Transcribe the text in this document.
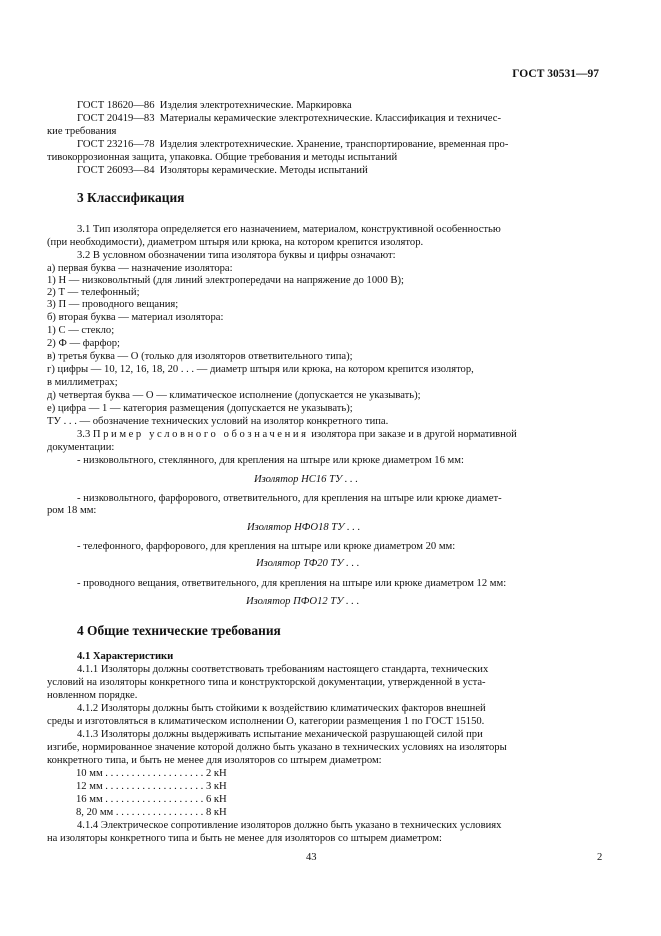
ГОСТ 30531—97
ГОСТ 18620—86 Изделия электротехнические. Маркировка
ГОСТ 20419—83 Материалы керамические электротехнические. Классификация и техничес-
кие требования
ГОСТ 23216—78 Изделия электротехнические. Хранение, транспортирование, временная про-
тивокоррозионная защита, упаковка. Общие требования и методы испытаний
ГОСТ 26093—84 Изоляторы керамические. Методы испытаний
3 Классификация
3.1 Тип изолятора определяется его назначением, материалом, конструктивной особенностью
(при необходимости), диаметром штыря или крюка, на котором крепится изолятор.
3.2 В условном обозначении типа изолятора буквы и цифры означают:
а) первая буква — назначение изолятора:
1) Н — низковольтный (для линий электропередачи на напряжение до 1000 В);
2) Т — телефонный;
3) П — проводного вещания;
б) вторая буква — материал изолятора:
1) С — стекло;
2) Ф — фарфор;
в) третья буква — О (только для изоляторов ответвительного типа);
г) цифры — 10, 12, 16, 18, 20 . . . — диаметр штыря или крюка, на котором крепится изолятор,
в миллиметрах;
д) четвертая буква — О — климатическое исполнение (допускается не указывать);
е) цифра — 1 — категория размещения (допускается не указывать);
ТУ . . . — обозначение технических условий на изолятор конкретного типа.
3.3 Пример условного обозначения изолятора при заказе и в другой нормативной
документации:
- низковольтного, стеклянного, для крепления на штыре или крюке диаметром 16 мм:
Изолятор НС16 ТУ . . .
- низковольтного, фарфорового, ответвительного, для крепления на штыре или крюке диамет-
ром 18 мм:
Изолятор НФО18 ТУ . . .
- телефонного, фарфорового, для крепления на штыре или крюке диаметром 20 мм:
Изолятор ТФ20 ТУ . . .
- проводного вещания, ответвительного, для крепления на штыре или крюке диаметром 12 мм:
Изолятор ПФО12 ТУ . . .
4 Общие технические требования
4.1 Характеристики
4.1.1 Изоляторы должны соответствовать требованиям настоящего стандарта, технических
условий на изоляторы конкретного типа и конструкторской документации, утвержденной в уста-
новленном порядке.
4.1.2 Изоляторы должны быть стойкими к воздействию климатических факторов внешней
среды и изготовляться в климатическом исполнении О, категории размещения 1 по ГОСТ 15150.
4.1.3 Изоляторы должны выдерживать испытание механической разрушающей силой при
изгибе, нормированное значение которой должно быть указано в технических условиях на изоляторы
конкретного типа, и быть не менее для изоляторов со штырем диаметром:
10 мм . . . . . . . . . . . . . . . . . . . 2 кН
12 мм . . . . . . . . . . . . . . . . . . . 3 кН
16 мм . . . . . . . . . . . . . . . . . . . 6 кН
8, 20 мм . . . . . . . . . . . . . . . . . 8 кН
4.1.4 Электрическое сопротивление изоляторов должно быть указано в технических условиях
на изоляторы конкретного типа и быть не менее для изоляторов со штырем диаметром:
43	2
